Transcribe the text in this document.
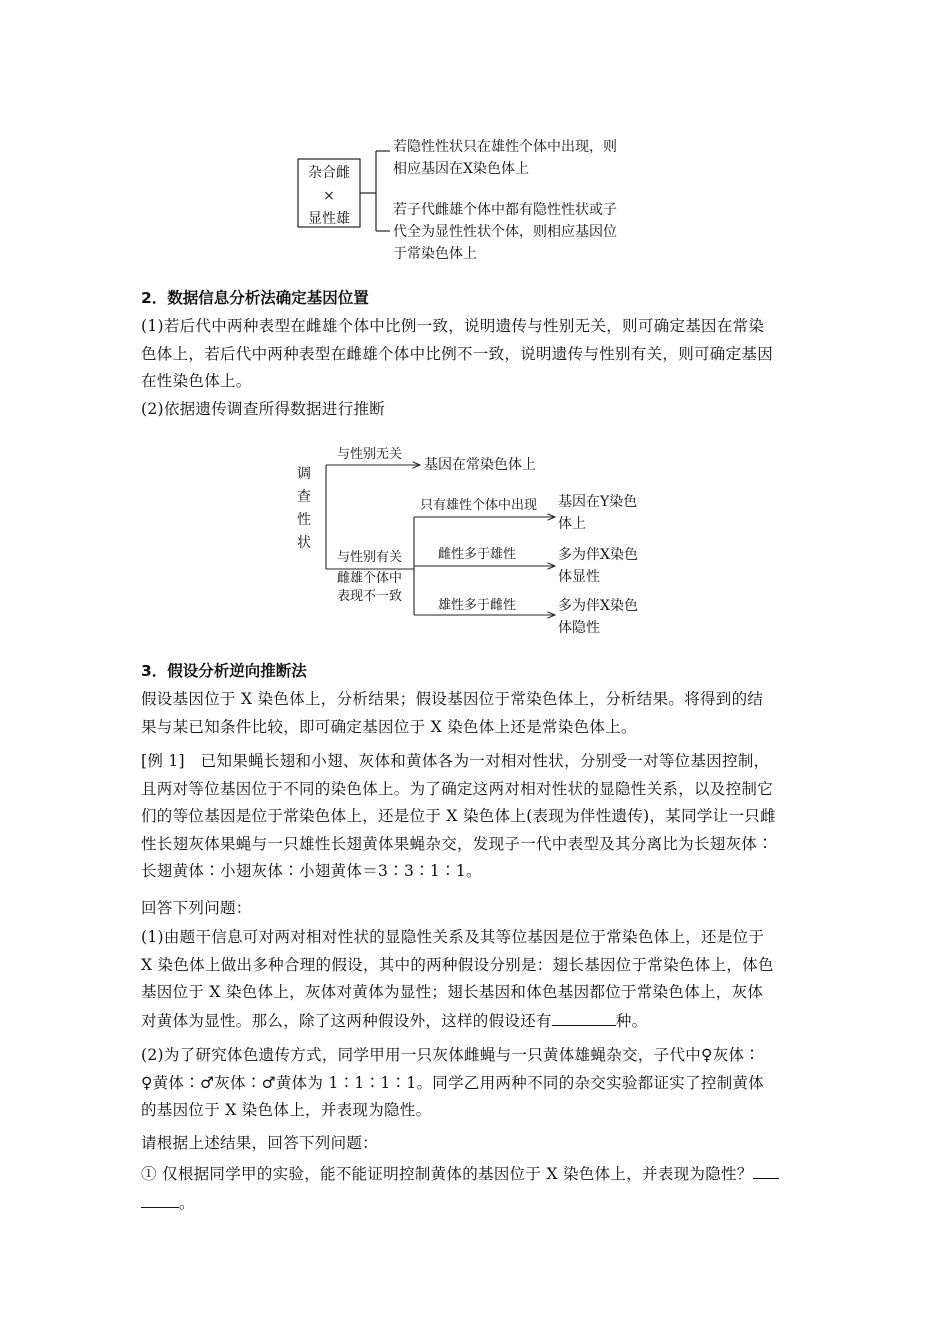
杂合雌
×
显性雄
若隐性性状只在雄性个体中出现，则
相应基因在X染色体上
若子代雌雄个体中都有隐性性状或子
代全为显性性状个体，则相应基因位
于常染色体上
2．数据信息分析法确定基因位置
(1)若后代中两种表型在雌雄个体中比例一致，说明遗传与性别无关，则可确定基因在常染
色体上，若后代中两种表型在雌雄个体中比例不一致，说明遗传与性别有关，则可确定基因
在性染色体上。
(2)依据遗传调查所得数据进行推断
调
查
性
状
与性别无关
基因在常染色体上
与性别有关
雌雄个体中
表现不一致
只有雄性个体中出现 基因在Y染色
体上
雌性多于雄性	多为伴X染色
体显性
雄性多于雌性	多为伴X染色
体隐性
3．假设分析逆向推断法
假设基因位于 X 染色体上，分析结果；假设基因位于常染色体上，分析结果。将得到的结
果与某已知条件比较，即可确定基因位于 X 染色体上还是常染色体上。
[例 1]　已知果蝇长翅和小翅、灰体和黄体各为一对相对性状，分别受一对等位基因控制，
且两对等位基因位于不同的染色体上。为了确定这两对相对性状的显隐性关系，以及控制它
们的等位基因是位于常染色体上，还是位于 X 染色体上(表现为伴性遗传)，某同学让一只雌
性长翅灰体果蝇与一只雄性长翅黄体果蝇杂交，发现子一代中表型及其分离比为长翅灰体∶
长翅黄体∶小翅灰体∶小翅黄体＝3∶3∶1∶1。
回答下列问题：
(1)由题干信息可对两对相对性状的显隐性关系及其等位基因是位于常染色体上，还是位于
X 染色体上做出多种合理的假设，其中的两种假设分别是：翅长基因位于常染色体上，体色
基因位于 X 染色体上，灰体对黄体为显性；翅长基因和体色基因都位于常染色体上，灰体
对黄体为显性。那么，除了这两种假设外，这样的假设还有	种。
(2)为了研究体色遗传方式，同学甲用一只灰体雌蝇与一只黄体雄蝇杂交，子代中♀灰体∶
♀黄体∶♂灰体∶♂黄体为 1∶1∶1∶1。同学乙用两种不同的杂交实验都证实了控制黄体
的基因位于 X 染色体上，并表现为隐性。
请根据上述结果，回答下列问题：
① 仅根据同学甲的实验，能不能证明控制黄体的基因位于 X 染色体上，并表现为隐性？
。
